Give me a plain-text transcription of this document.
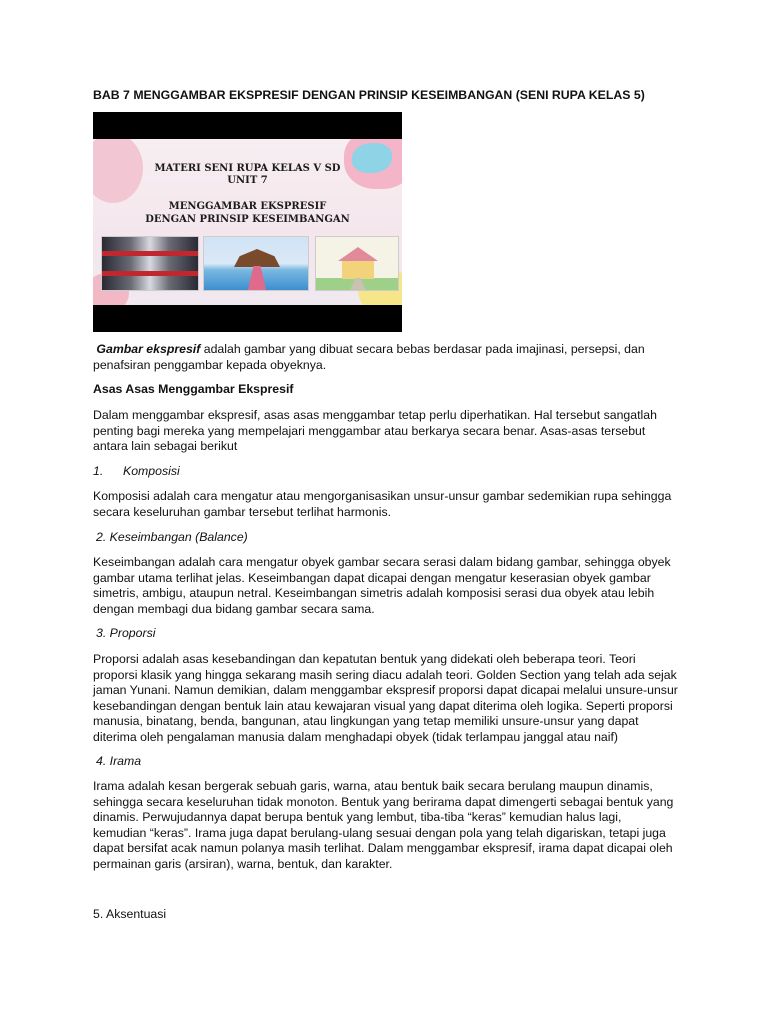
BAB 7 MENGGAMBAR EKSPRESIF DENGAN PRINSIP KESEIMBANGAN (SENI RUPA KELAS 5)
MATERI SENI RUPA KELAS V SD
UNIT 7
MENGGAMBAR EKSPRESIF
DENGAN PRINSIP KESEIMBANGAN

Gambar ekspresif adalah gambar yang dibuat secara bebas berdasar pada imajinasi, persepsi, dan penafsiran penggambar kepada obyeknya.

Asas Asas Menggambar Ekspresif

Dalam menggambar ekspresif, asas asas menggambar tetap perlu diperhatikan. Hal tersebut sangatlah penting bagi mereka yang mempelajari menggambar atau berkarya secara benar. Asas-asas tersebut antara lain sebagai berikut

1. Komposisi

Komposisi adalah cara mengatur atau mengorganisasikan unsur-unsur gambar sedemikian rupa sehingga secara keseluruhan gambar tersebut terlihat harmonis.

2. Keseimbangan (Balance)

Keseimbangan adalah cara mengatur obyek gambar secara serasi dalam bidang gambar, sehingga obyek gambar utama terlihat jelas. Keseimbangan dapat dicapai dengan mengatur keserasian obyek gambar simetris, ambigu, ataupun netral. Keseimbangan simetris adalah komposisi serasi dua obyek atau lebih dengan membagi dua bidang gambar secara sama.

3. Proporsi

Proporsi adalah asas kesebandingan dan kepatutan bentuk yang didekati oleh beberapa teori. Teori proporsi klasik yang hingga sekarang masih sering diacu adalah teori. Golden Section yang telah ada sejak jaman Yunani. Namun demikian, dalam menggambar ekspresif proporsi dapat dicapai melalui unsure-unsur kesebandingan dengan bentuk lain atau kewajaran visual yang dapat diterima oleh logika. Seperti proporsi manusia, binatang, benda, bangunan, atau lingkungan yang tetap memiliki unsure-unsur yang dapat diterima oleh pengalaman manusia dalam menghadapi obyek (tidak terlampau janggal atau naif)

4. Irama

Irama adalah kesan bergerak sebuah garis, warna, atau bentuk baik secara berulang maupun dinamis, sehingga secara keseluruhan tidak monoton. Bentuk yang berirama dapat dimengerti sebagai bentuk yang dinamis. Perwujudannya dapat berupa bentuk yang lembut, tiba-tiba “keras” kemudian halus lagi, kemudian “keras”. Irama juga dapat berulang-ulang sesuai dengan pola yang telah digariskan, tetapi juga dapat bersifat acak namun polanya masih terlihat. Dalam menggambar ekspresif, irama dapat dicapai oleh permainan garis (arsiran), warna, bentuk, dan karakter.

5. Aksentuasi
